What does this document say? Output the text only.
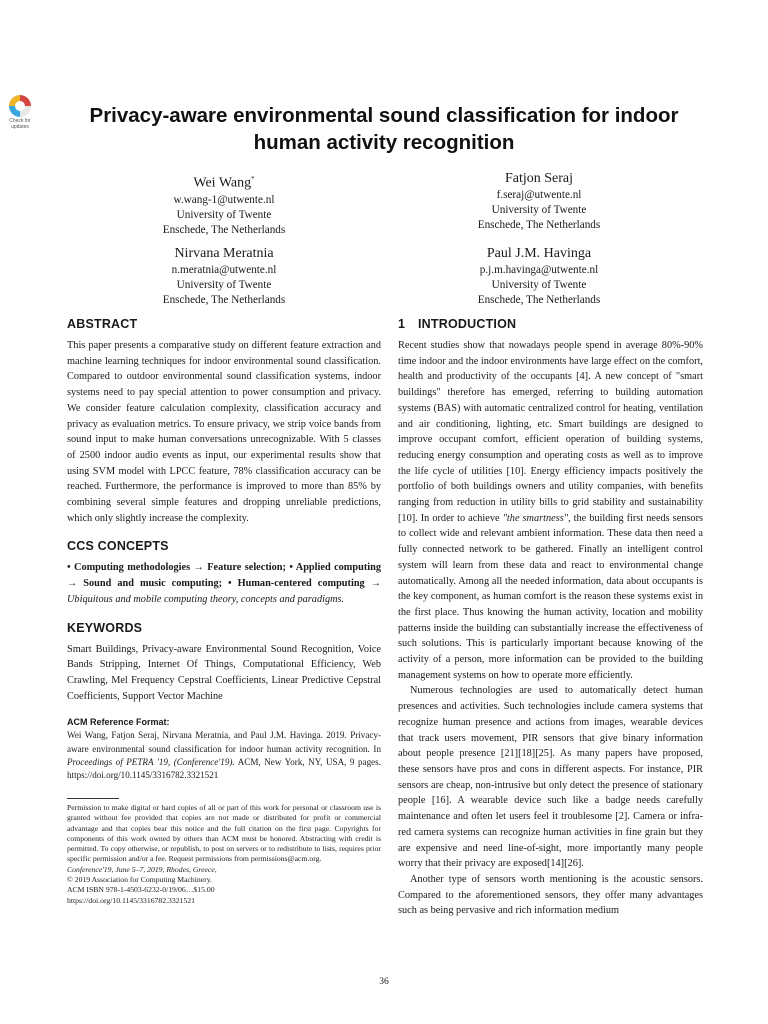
Check for updates	Privacy-aware environmental sound classification for indoor
human activity recognition
Wei Wang*
w.wang-1@utwente.nl
University of Twente
Enschede, The Netherlands
Fatjon Seraj
f.seraj@utwente.nl
University of Twente
Enschede, The Netherlands
Nirvana Meratnia
n.meratnia@utwente.nl
University of Twente
Enschede, The Netherlands
Paul J.M. Havinga
p.j.m.havinga@utwente.nl
University of Twente
Enschede, The Netherlands
ABSTRACT

This paper presents a comparative study on different feature extraction and machine learning techniques for indoor environmental sound classification. Compared to outdoor environmental sound classification systems, indoor systems need to pay special attention to power consumption and privacy. We consider feature calculation complexity, classification accuracy and privacy as evaluation metrics. To ensure privacy, we strip voice bands from sound input to make human conversations unrecognizable. With 5 classes of 2500 indoor audio events as input, our experimental results show that using SVM model with LPCC feature, 78% classification accuracy can be reached. Furthermore, the performance is improved to more than 85% by combining several simple features and dropping unreliable predictions, which only slightly increase the complexity.

CCS CONCEPTS

• Computing methodologies → Feature selection; • Applied computing → Sound and music computing; • Human-centered computing → Ubiquitous and mobile computing theory, concepts and paradigms.

KEYWORDS

Smart Buildings, Privacy-aware Environmental Sound Recognition, Voice Bands Stripping, Internet Of Things, Computational Efficiency, Web Crawling, Mel Frequency Cepstral Coefficients, Linear Predictive Cepstral Coefficients, Support Vector Machine

ACM Reference Format:

Wei Wang, Fatjon Seraj, Nirvana Meratnia, and Paul J.M. Havinga. 2019. Privacy-aware environmental sound classification for indoor human activity recognition. In Proceedings of PETRA '19, (Conference'19). ACM, New York, NY, USA, 9 pages. https://doi.org/10.1145/3316782.3321521

Permission to make digital or hard copies of all or part of this work for personal or classroom use is granted without fee provided that copies are not made or distributed for profit or commercial advantage and that copies bear this notice and the full citation on the first page. Copyrights for components of this work owned by others than ACM must be honored. Abstracting with credit is permitted. To copy otherwise, or republish, to post on servers or to redistribute to lists, requires prior specific permission and/or a fee. Request permissions from permissions@acm.org.

Conference'19, June 5–7, 2019, Rhodes, Greece,

© 2019 Association for Computing Machinery.

ACM ISBN 978-1-4503-6232-0/19/06…$15.00

https://doi.org/10.1145/3316782.3321521

1 INTRODUCTION

Recent studies show that nowadays people spend in average 80%-90% time indoor and the indoor environments have large effect on the comfort, health and productivity of the occupants [4]. A new concept of "smart buildings" therefore has emerged, referring to building automation systems (BAS) with automatic centralized control for heating, ventilation and air conditioning, lighting, etc. Smart buildings are designed to improve occupant comfort, efficient operation of building systems, reducing energy consumption and operating costs as well as to improve the life cycle of utilities [10]. Energy efficiency impacts positively the portfolio of both buildings owners and utility companies, with benefits ranging from reduction in utility bills to grid stability and sustainability [10]. In order to achieve "the smartness", the building first needs sensors to collect wide and relevant ambient information. These data then need a fully connected network to be gathered. Finally an intelligent control system will learn from these data and react to environmental change automatically. Among all the needed information, data about occupants is the key component, as human comfort is the reason these systems exist in the first place. Thus knowing the human activity, location and mobility patterns inside the building can substantially increase the effectiveness of such solutions. This is particularly important because knowing of the activity of a person, more information can be provided to the building management systems on how to operate more efficiently.

Numerous technologies are used to automatically detect human presences and activities. Such technologies include camera systems that recognize human presence and actions from images, wearable devices that track users movement, PIR sensors that give binary information about people presence [21][18][25]. As many papers have proposed, these sensors have pros and cons in different aspects. For instance, PIR sensors are cheap, non-intrusive but only detect the presence of stationary people [16]. A wearable device such like a badge needs carefully maintenance and often let users feel it troublesome [2]. Camera or infra-red camera systems can recognize human activities in fine grain but they are expensive and need line-of-sight, more importantly many people worry that their privacy are exposed[14][26].

Another type of sensors worth mentioning is the acoustic sensors. Compared to the aforementioned sensors, they offer many advantages such as being pervasive and rich information medium

36
